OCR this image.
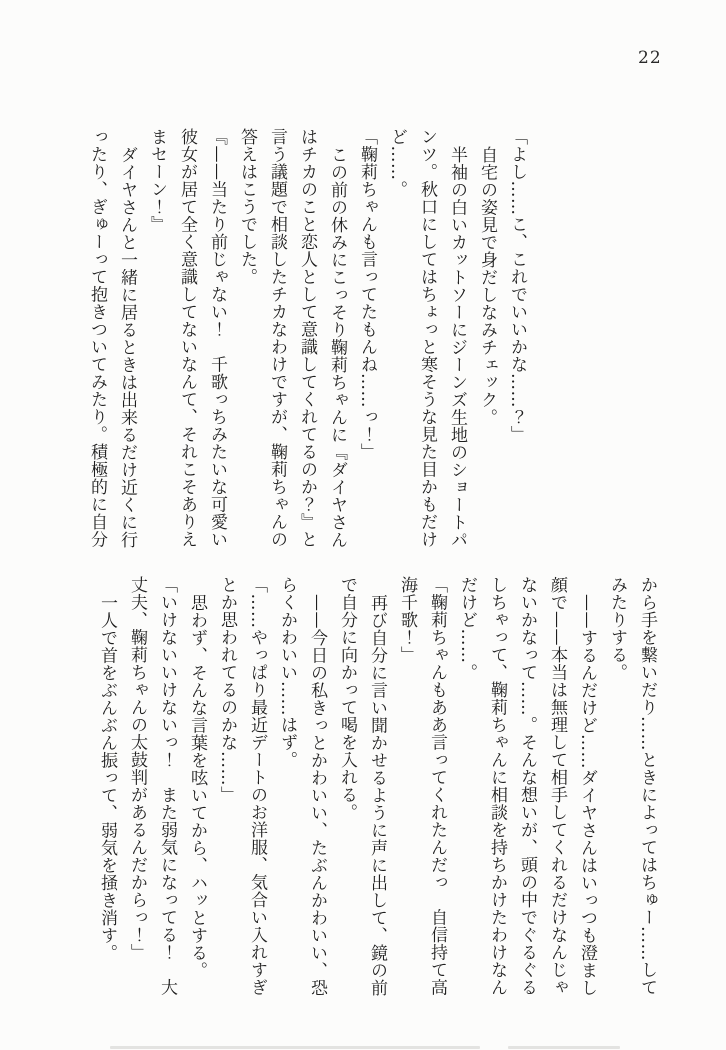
22
「よし……こ、これでいいかな……？」
自宅の姿見で身だしなみチェック。
半袖の白いカットソーにジーンズ生地のショートパ
ンツ。秋口にしてはちょっと寒そうな見た目かもだけ
ど……。
「鞠莉ちゃんも言ってたもんね……っ！」
この前の休みにこっそり鞠莉ちゃんに『ダイヤさん
はチカのこと恋人として意識してくれてるのか？』と
言う議題で相談したチカなわけですが、鞠莉ちゃんの
答えはこうでした。
『——当たり前じゃない！　千歌っちみたいな可愛い
彼女が居て全く意識してないなんて、それこそありえ
まセーン！』
ダイヤさんと一緒に居るときは出来るだけ近くに行
ったり、ぎゅーって抱きついてみたり。積極的に自分
から手を繋いだり……ときによってはちゅー……して
みたりする。
——するんだけど……ダイヤさんはいっつも澄まし
顔で——本当は無理して相手してくれるだけなんじゃ
ないかなって……。そんな想いが、頭の中でぐるぐる
しちゃって、鞠莉ちゃんに相談を持ちかけたわけなん
だけど……。
「鞠莉ちゃんもああ言ってくれたんだっ　自信持て高
海千歌！」
再び自分に言い聞かせるように声に出して、鏡の前
で自分に向かって喝を入れる。
——今日の私きっとかわいい、たぶんかわいい、恐
らくかわいい……はず。
「……やっぱり最近デートのお洋服、気合い入れすぎ
とか思われてるのかな……」
思わず、そんな言葉を呟いてから、ハッとする。
「いけないいけないっ！　また弱気になってる！　大
丈夫、鞠莉ちゃんの太鼓判があるんだからっ！」
一人で首をぶんぶん振って、弱気を掻き消す。
